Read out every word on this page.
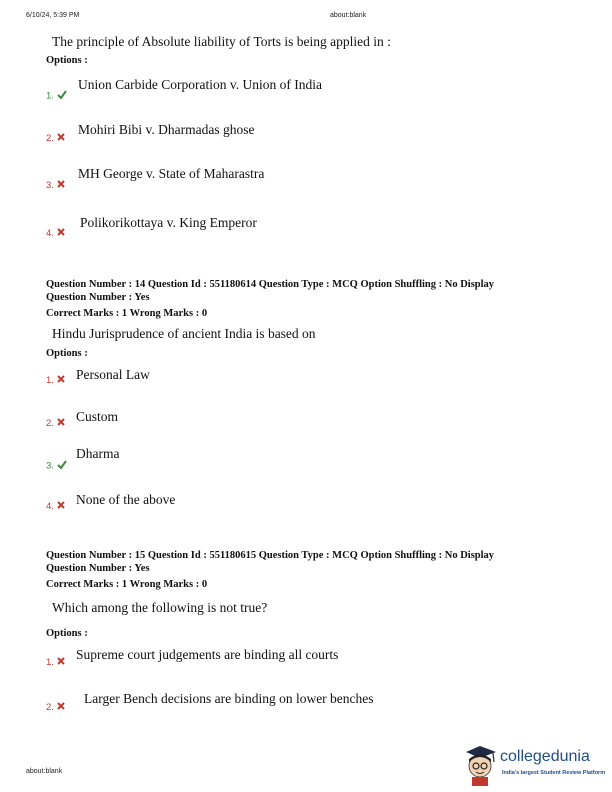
6/10/24, 5:39 PM	about:blank
The principle of Absolute liability of Torts is being applied in :
Options :
1.
Union Carbide Corporation v. Union of India
2.
Mohiri Bibi v. Dharmadas ghose
3.
MH George v. State of Maharastra
4.
Polikorikottaya v. King Emperor
Question Number : 14 Question Id : 551180614 Question Type : MCQ Option Shuffling : No Display
Question Number : Yes
Correct Marks : 1 Wrong Marks : 0
Hindu Jurisprudence of ancient India is based on
Options :
1.	Personal Law
2.	Custom
3.
Dharma
4.	None of the above
Question Number : 15 Question Id : 551180615 Question Type : MCQ Option Shuffling : No Display
Question Number : Yes
Correct Marks : 1 Wrong Marks : 0
Which among the following is not true?
Options :
1.
Supreme court judgements are binding all courts
2.
Larger Bench decisions are binding on lower benches
about:blank
collegedunia
India's largest Student Review Platform
